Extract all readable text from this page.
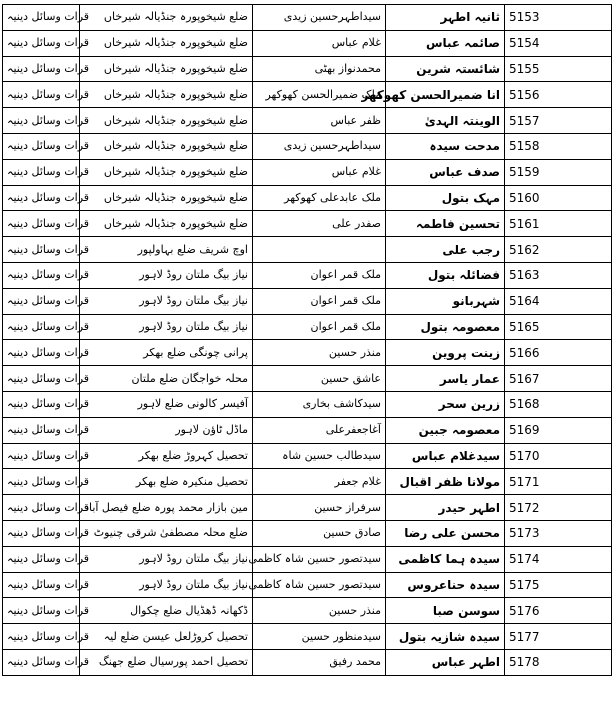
قرات وسائل دینیہ	ضلع شیخوپورہ جنڈیالہ شیرخاں	سیداطہرحسین زیدی	ثانیہ اطہر	5153
قرات وسائل دینیہ	ضلع شیخوپورہ جنڈیالہ شیرخاں	غلام عباس	صائمہ عباس	5154
قرات وسائل دینیہ	ضلع شیخوپورہ جنڈیالہ شیرخاں	محمدنواز بھٹی	شائستہ شرین	5155
قرات وسائل دینیہ	ضلع شیخوپورہ جنڈیالہ شیرخاں	ملک ضمیرالحسن کھوکھر	انا ضمیرالحسن کھوکھر	5156
قرات وسائل دینیہ	ضلع شیخوپورہ جنڈیالہ شیرخاں	ظفر عباس	الوینتہ الہدیٰ	5157
قرات وسائل دینیہ	ضلع شیخوپورہ جنڈیالہ شیرخاں	سیداطہرحسین زیدی	مدحت سیدہ	5158
قرات وسائل دینیہ	ضلع شیخوپورہ جنڈیالہ شیرخاں	غلام عباس	صدف عباس	5159
قرات وسائل دینیہ	ضلع شیخوپورہ جنڈیالہ شیرخاں	ملک عابدعلی کھوکھر	مہک بتول	5160
قرات وسائل دینیہ	ضلع شیخوپورہ جنڈیالہ شیرخاں	صفدر علی	تحسین فاطمہ	5161
قرات وسائل دینیہ	اوچ شریف ضلع بہاولپور		رجب علی	5162
قرات وسائل دینیہ	نیاز بیگ ملتان روڈ لاہور	ملک قمر اعوان	فضائلہ بتول	5163
قرات وسائل دینیہ	نیاز بیگ ملتان روڈ لاہور	ملک قمر اعوان	شہربانو	5164
قرات وسائل دینیہ	نیاز بیگ ملتان روڈ لاہور	ملک قمر اعوان	معصومہ بتول	5165
قرات وسائل دینیہ	پرانی چونگی ضلع بھکر	منذر حسین	زینت پروین	5166
قرات وسائل دینیہ	محلہ خواجگان ضلع ملتان	عاشق حسین	عمار یاسر	5167
قرات وسائل دینیہ	آفیسر کالونی ضلع لاہور	سیدکاشف بخاری	زرین سحر	5168
قرات وسائل دینیہ	ماڈل ٹاؤن لاہور	آغاجعفرعلی	معصومہ جبین	5169
قرات وسائل دینیہ	تحصیل کہروڑ ضلع بھکر	سیدطالب حسین شاہ	سیدغلام عباس	5170
قرات وسائل دینیہ	تحصیل منکیرہ ضلع بھکر	غلام جعفر	مولانا ظفر اقبال	5171
قرات وسائل دینیہ	مین بازار محمد پورہ ضلع فیصل آباد	سرفراز حسین	اطہر حیدر	5172
قرات وسائل دینیہ	ضلع محلہ مصطفیٰ شرقی چنیوٹ	صادق حسین	محسن علی رضا	5173
قرات وسائل دینیہ	نیاز بیگ ملتان روڈ لاہور	سیدتصور حسین شاہ کاظمی	سیدہ ہما کاظمی	5174
قرات وسائل دینیہ	نیاز بیگ ملتان روڈ لاہور	سیدتصور حسین شاہ کاظمی	سیدہ حناعروس	5175
قرات وسائل دینیہ	ڈکھانہ ڈھڈیال ضلع چکوال	منذر حسین	سوسن صبا	5176
قرات وسائل دینیہ	تحصیل کروڑلعل عیسن ضلع لیہ	سیدمنظور حسین	سیدہ شازیہ بتول	5177
قرات وسائل دینیہ	تحصیل احمد پورسیال ضلع جھنگ	محمد رفیق	اطہر عباس	5178
